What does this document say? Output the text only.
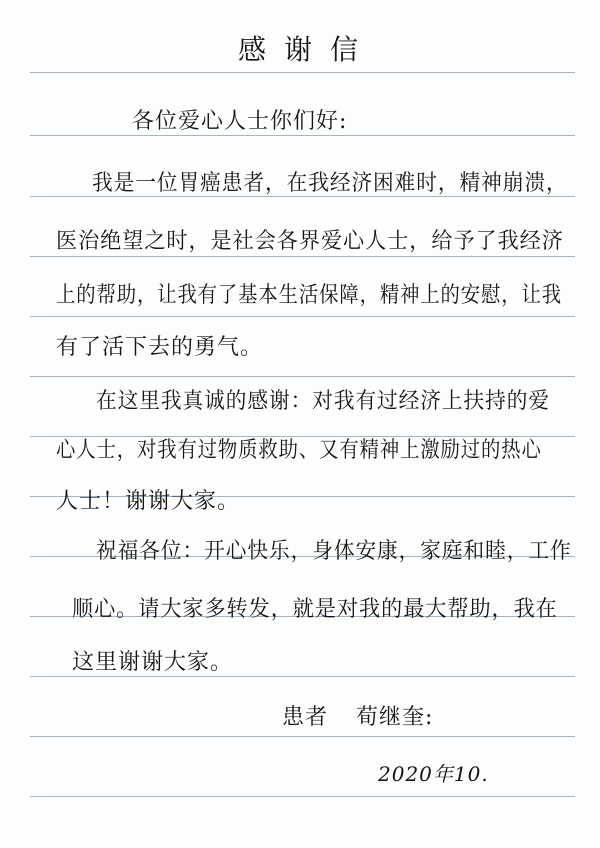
感谢信
各位爱心人士你们好:
我是一位胃癌患者，在我经济困难时，精神崩溃，
医治绝望之时，是社会各界爱心人士，给予了我经济
上的帮助，让我有了基本生活保障，精神上的安慰，让我
有了活下去的勇气。
在这里我真诚的感谢：对我有过经济上扶持的爱
心人士，对我有过物质救助、又有精神上激励过的热心
人士！谢谢大家。
祝福各位：开心快乐，身体安康，家庭和睦，工作
顺心。请大家多转发，就是对我的最大帮助，我在
这里谢谢大家。
患者 荀继奎:
2020年10.
